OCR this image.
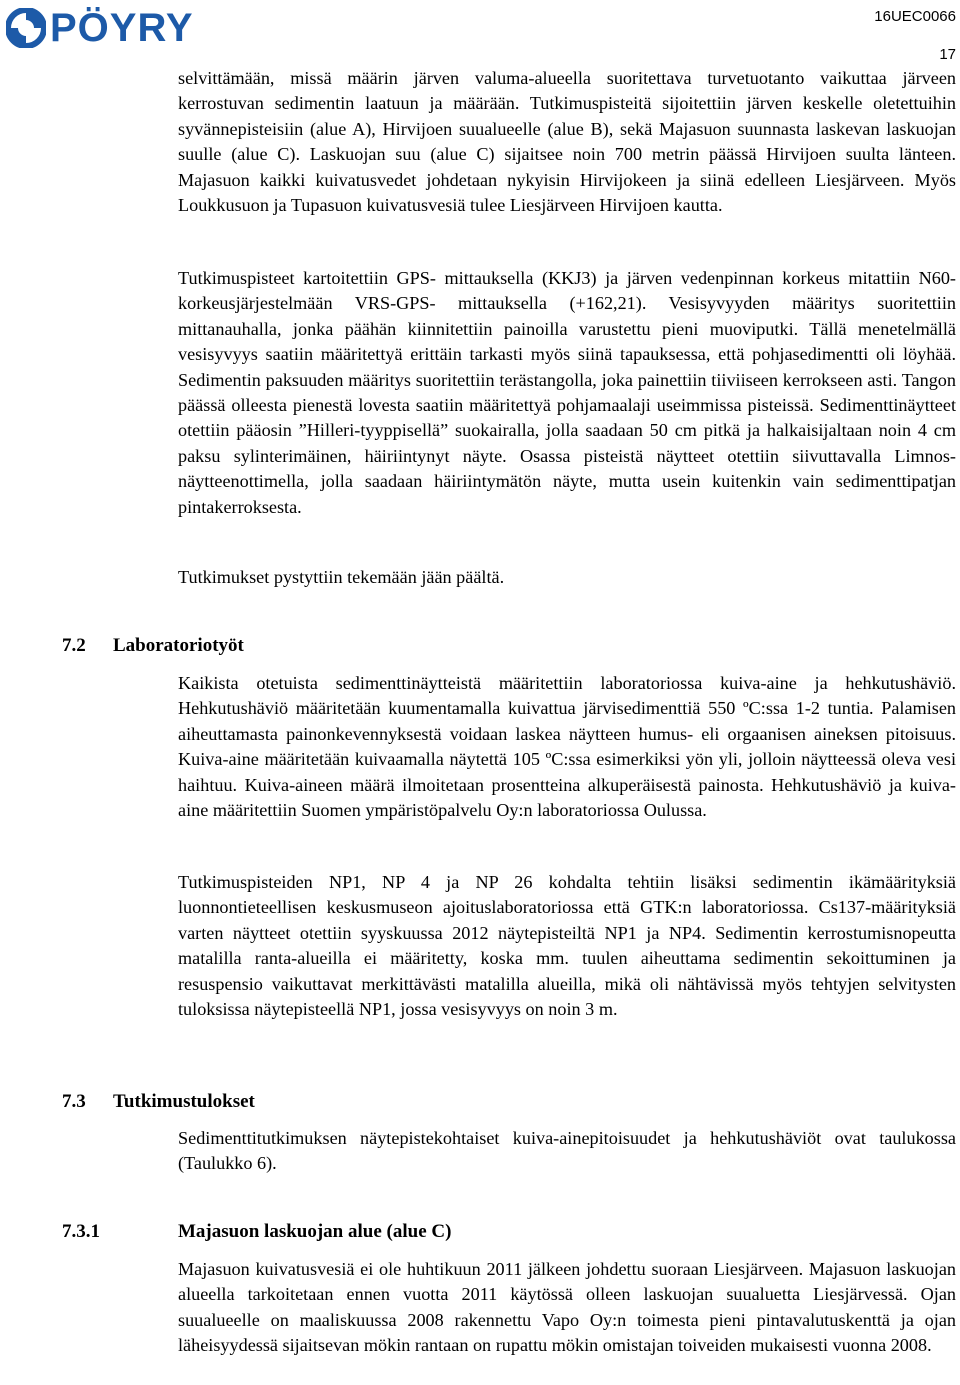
PÖYRY	16UEC0066
17

selvittämään, missä määrin järven valuma-alueella suoritettava turvetuotanto vaikuttaa järveen kerrostuvan sedimentin laatuun ja määrään. Tutkimuspisteitä sijoitettiin järven keskelle oletettuihin syvännepisteisiin (alue A), Hirvijoen suualueelle (alue B), sekä Majasuon suunnasta laskevan laskuojan suulle (alue C). Laskuojan suu (alue C) sijaitsee noin 700 metrin päässä Hirvijoen suulta länteen. Majasuon kaikki kuivatusvedet johdetaan nykyisin Hirvijokeen ja siinä edelleen Liesjärveen. Myös Loukkusuon ja Tupasuon kuivatusvesiä tulee Liesjärveen Hirvijoen kautta.

Tutkimuspisteet kartoitettiin GPS- mittauksella (KKJ3) ja järven vedenpinnan korkeus mitattiin N60- korkeusjärjestelmään VRS-GPS- mittauksella (+162,21). Vesisyvyyden määritys suoritettiin mittanauhalla, jonka päähän kiinnitettiin painoilla varustettu pieni muoviputki. Tällä menetelmällä vesisyvyys saatiin määritettyä erittäin tarkasti myös siinä tapauksessa, että pohjasedimentti oli löyhää. Sedimentin paksuuden määritys suoritettiin terästangolla, joka painettiin tiiviiseen kerrokseen asti. Tangon päässä olleesta pienestä lovesta saatiin määritettyä pohjamaalaji useimmissa pisteissä. Sedimenttinäytteet otettiin pääosin ”Hilleri-tyyppisellä” suokairalla, jolla saadaan 50 cm pitkä ja halkaisijaltaan noin 4 cm paksu sylinterimäinen, häiriintynyt näyte. Osassa pisteistä näytteet otettiin siivuttavalla Limnos-näytteenottimella, jolla saadaan häiriintymätön näyte, mutta usein kuitenkin vain sedimenttipatjan pintakerroksesta.

Tutkimukset pystyttiin tekemään jään päältä.

7.2 Laboratoriotyöt

Kaikista otetuista sedimenttinäytteistä määritettiin laboratoriossa kuiva-aine ja hehkutushäviö. Hehkutushäviö määritetään kuumentamalla kuivattua järvisedimenttiä 550 ºC:ssa 1-2 tuntia. Palamisen aiheuttamasta painonkevennyksestä voidaan laskea näytteen humus- eli orgaanisen aineksen pitoisuus. Kuiva-aine määritetään kuivaamalla näytettä 105 ºC:ssa esimerkiksi yön yli, jolloin näytteessä oleva vesi haihtuu. Kuiva-aineen määrä ilmoitetaan prosentteina alkuperäisestä painosta. Hehkutushäviö ja kuiva-aine määritettiin Suomen ympäristöpalvelu Oy:n laboratoriossa Oulussa.

Tutkimuspisteiden NP1, NP 4 ja NP 26 kohdalta tehtiin lisäksi sedimentin ikämäärityksiä luonnontieteellisen keskusmuseon ajoituslaboratoriossa että GTK:n laboratoriossa. Cs137-määrityksiä varten näytteet otettiin syyskuussa 2012 näytepisteiltä NP1 ja NP4. Sedimentin kerrostumisnopeutta matalilla ranta-alueilla ei määritetty, koska mm. tuulen aiheuttama sedimentin sekoittuminen ja resuspensio vaikuttavat merkittävästi matalilla alueilla, mikä oli nähtävissä myös tehtyjen selvitysten tuloksissa näytepisteellä NP1, jossa vesisyvyys on noin 3 m.

7.3 Tutkimustulokset

Sedimenttitutkimuksen näytepistekohtaiset kuiva-ainepitoisuudet ja hehkutushäviöt ovat taulukossa (Taulukko 6).

7.3.1	Majasuon laskuojan alue (alue C)

Majasuon kuivatusvesiä ei ole huhtikuun 2011 jälkeen johdettu suoraan Liesjärveen. Majasuon laskuojan alueella tarkoitetaan ennen vuotta 2011 käytössä olleen laskuojan suualuetta Liesjärvessä. Ojan suualueelle on maaliskuussa 2008 rakennettu Vapo Oy:n toimesta pieni pintavalutuskenttä ja ojan läheisyydessä sijaitsevan mökin rantaan on rupattu mökin omistajan toiveiden mukaisesti vuonna 2008.
